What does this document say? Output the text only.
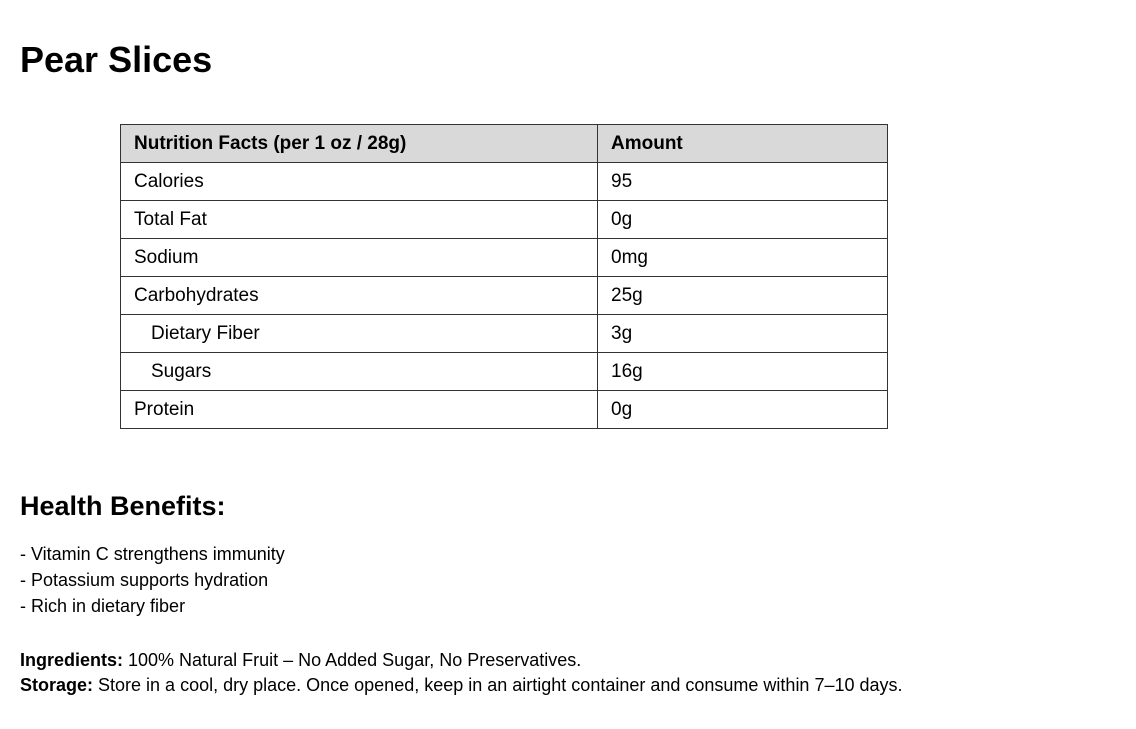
Pear Slices
Nutrition Facts (per 1 oz / 28g)	Amount
Calories	95
Total Fat	0g
Sodium	0mg
Carbohydrates	25g
Dietary Fiber	3g
Sugars	16g
Protein	0g
Health Benefits:
- Vitamin C strengthens immunity
- Potassium supports hydration
- Rich in dietary fiber

Ingredients: 100% Natural Fruit – No Added Sugar, No Preservatives.

Storage: Store in a cool, dry place. Once opened, keep in an airtight container and consume within 7–10 days.
